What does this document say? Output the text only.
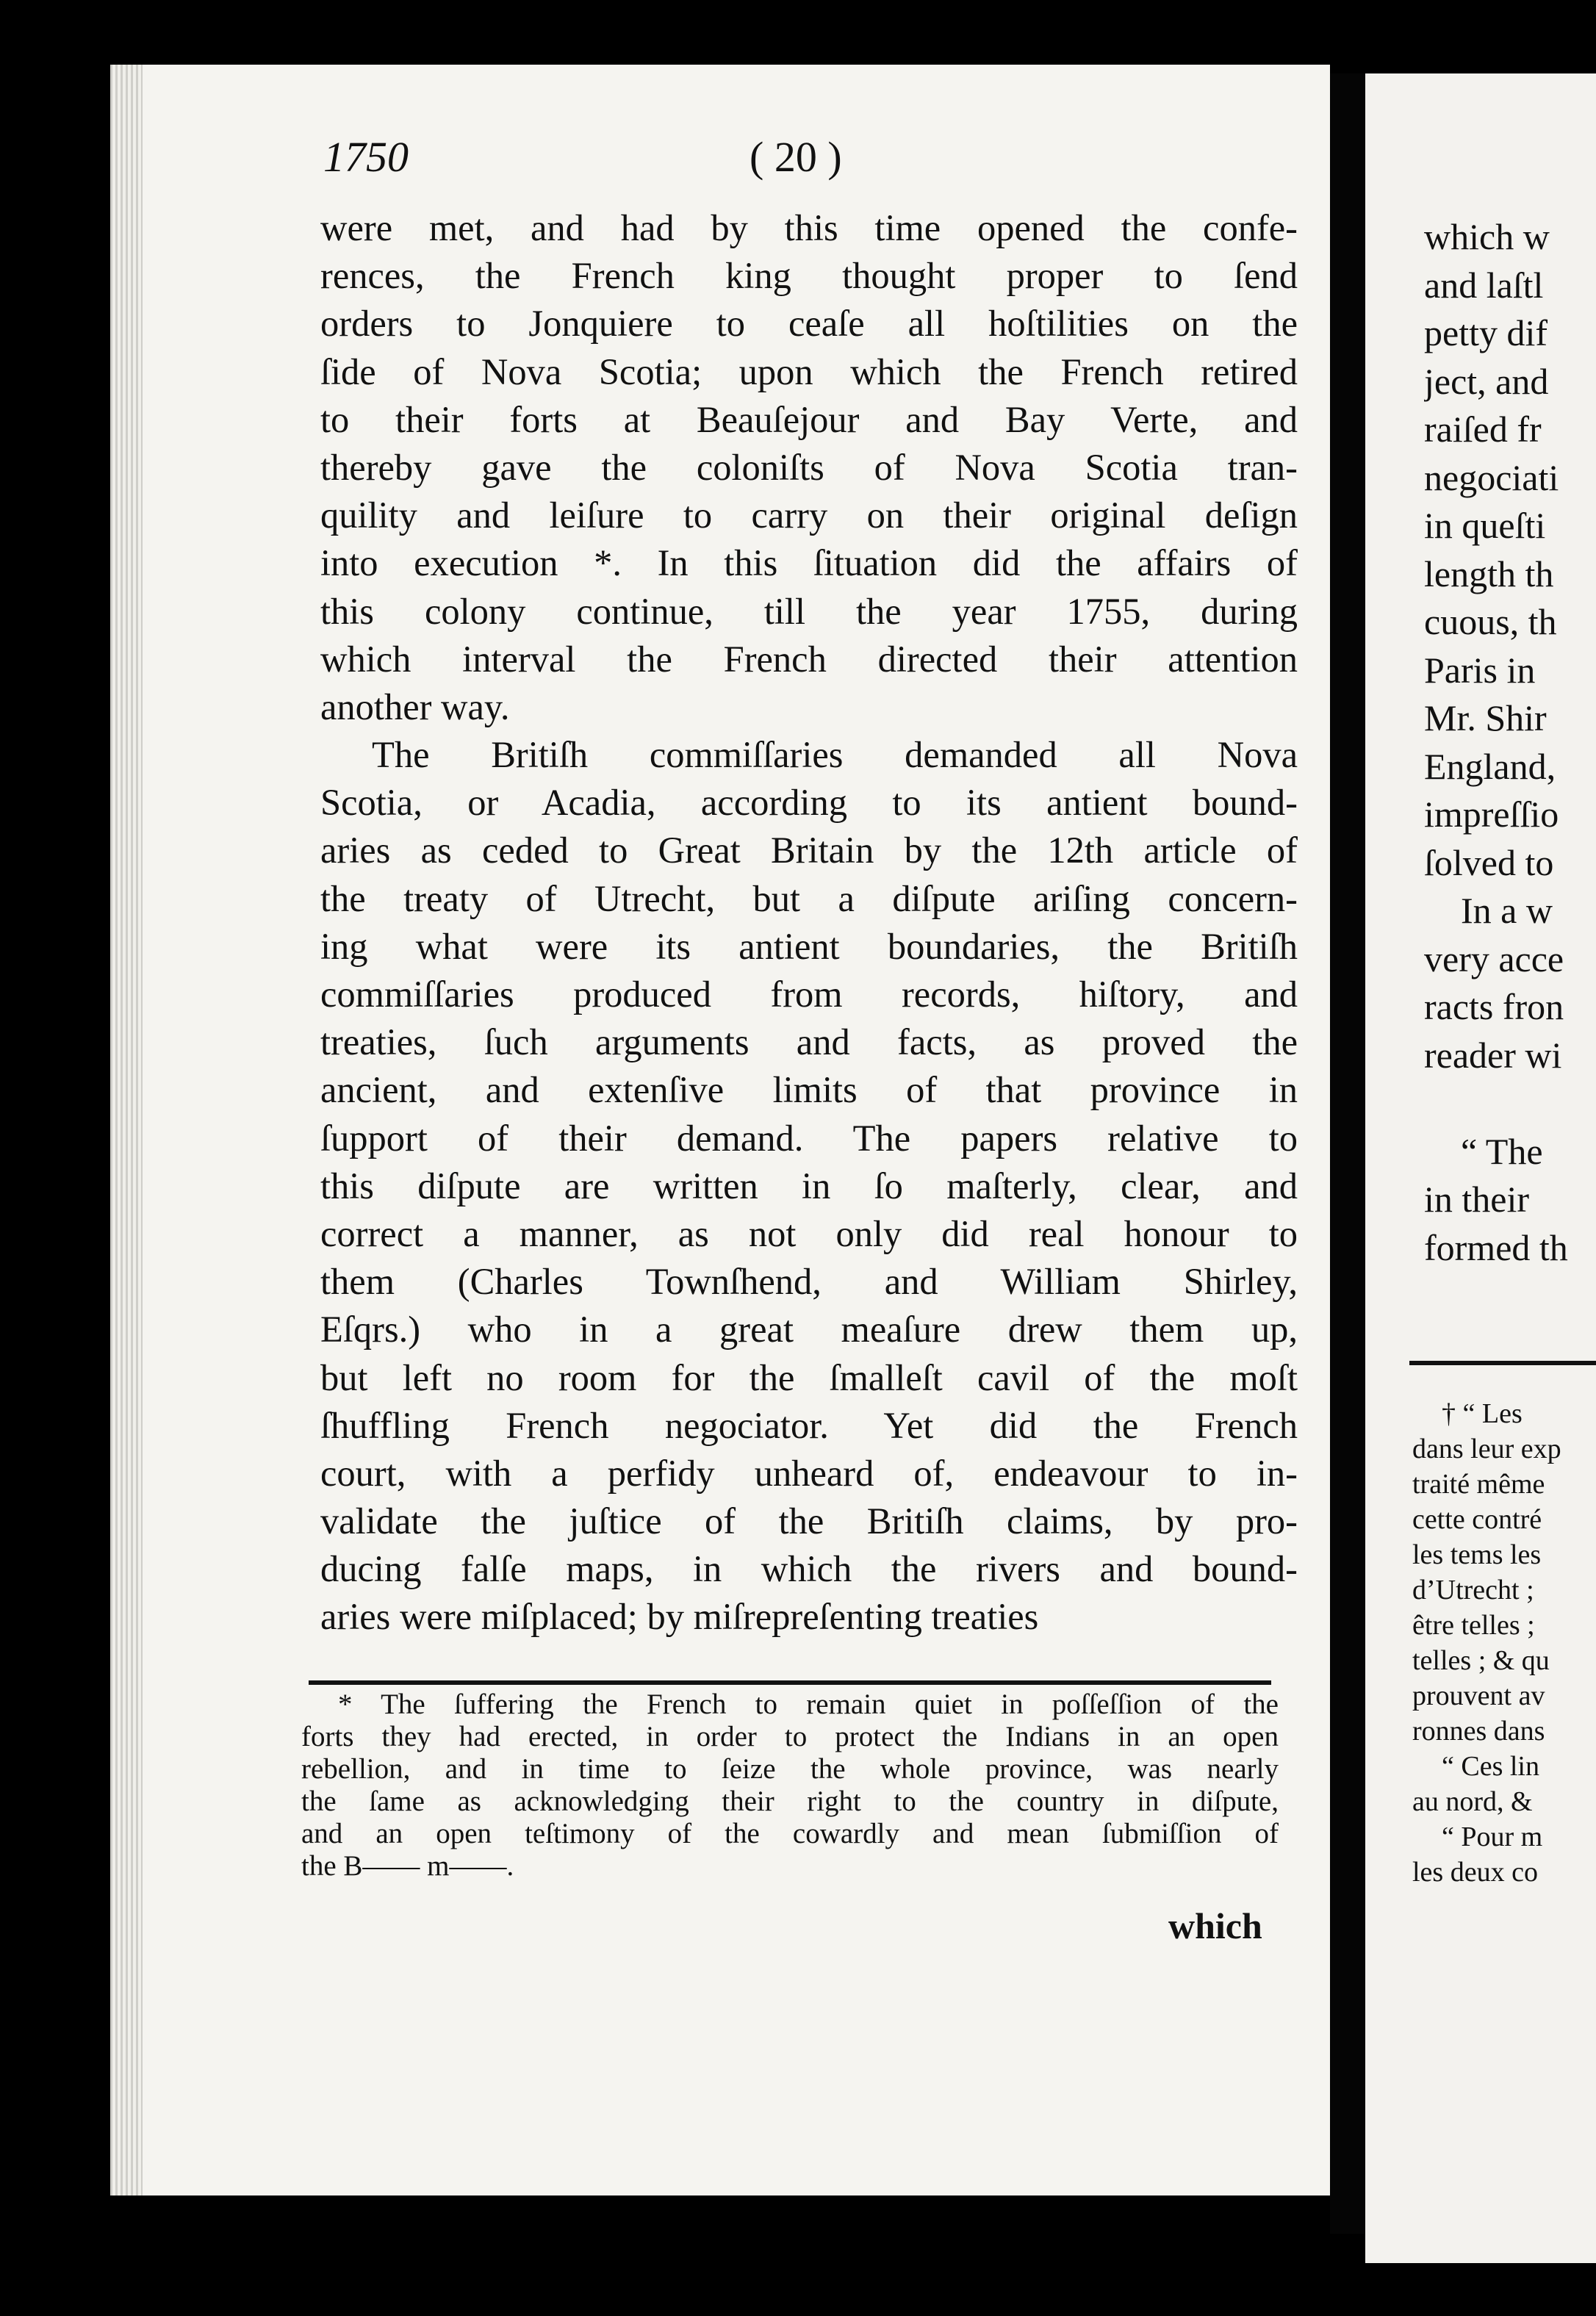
1750	( 20 )
were met, and had by this time opened the confe-
rences, the French king thought proper to ſend
orders to Jonquiere to ceaſe all hoſtilities on the
ſide of Nova Scotia; upon which the French retired
to their forts at Beauſejour and Bay Verte, and
thereby gave the coloniſts of Nova Scotia tran-
quility and leiſure to carry on their original deſign
into execution *. In this ſituation did the affairs of
this colony continue, till the year 1755, during
which interval the French directed their attention
another way.
The Britiſh commiſſaries demanded all Nova
Scotia, or Acadia, according to its antient bound-
aries as ceded to Great Britain by the 12th article of
the treaty of Utrecht, but a diſpute ariſing concern-
ing what were its antient boundaries, the Britiſh
commiſſaries produced from records, hiſtory, and
treaties, ſuch arguments and facts, as proved the
ancient, and extenſive limits of that province in
ſupport of their demand. The papers relative to
this diſpute are written in ſo maſterly, clear, and
correct a manner, as not only did real honour to
them (Charles Townſhend, and William Shirley,
Eſqrs.) who in a great meaſure drew them up,
but left no room for the ſmalleſt cavil of the moſt
ſhuffling French negociator. Yet did the French
court, with a perfidy unheard of, endeavour to in-
validate the juſtice of the Britiſh claims, by pro-
ducing falſe maps, in which the rivers and bound-
aries were miſplaced; by miſrepreſenting treaties
* The ſuffering the French to remain quiet in poſſeſſion of the
forts they had erected, in order to protect the Indians in an open
rebellion, and in time to ſeize the whole province, was nearly
the ſame as acknowledging their right to the country in diſpute,
and an open teſtimony of the cowardly and mean ſubmiſſion of
the B—— m——.
which
which w
and laſtl
petty dif
ject, and
raiſed fr
negociati
in queſti
length th
cuous, th
Paris in
Mr. Shir
England,
impreſſio
ſolved to
In a w
very acce
racts fron
reader wi
“ The
in their
formed th
† “ Les
dans leur exp
traité même
cette contré
les tems les
d’Utrecht ;
être telles ;
telles ; & qu
prouvent av
ronnes dans
“ Ces lin
au nord, &
“ Pour m
les deux co
